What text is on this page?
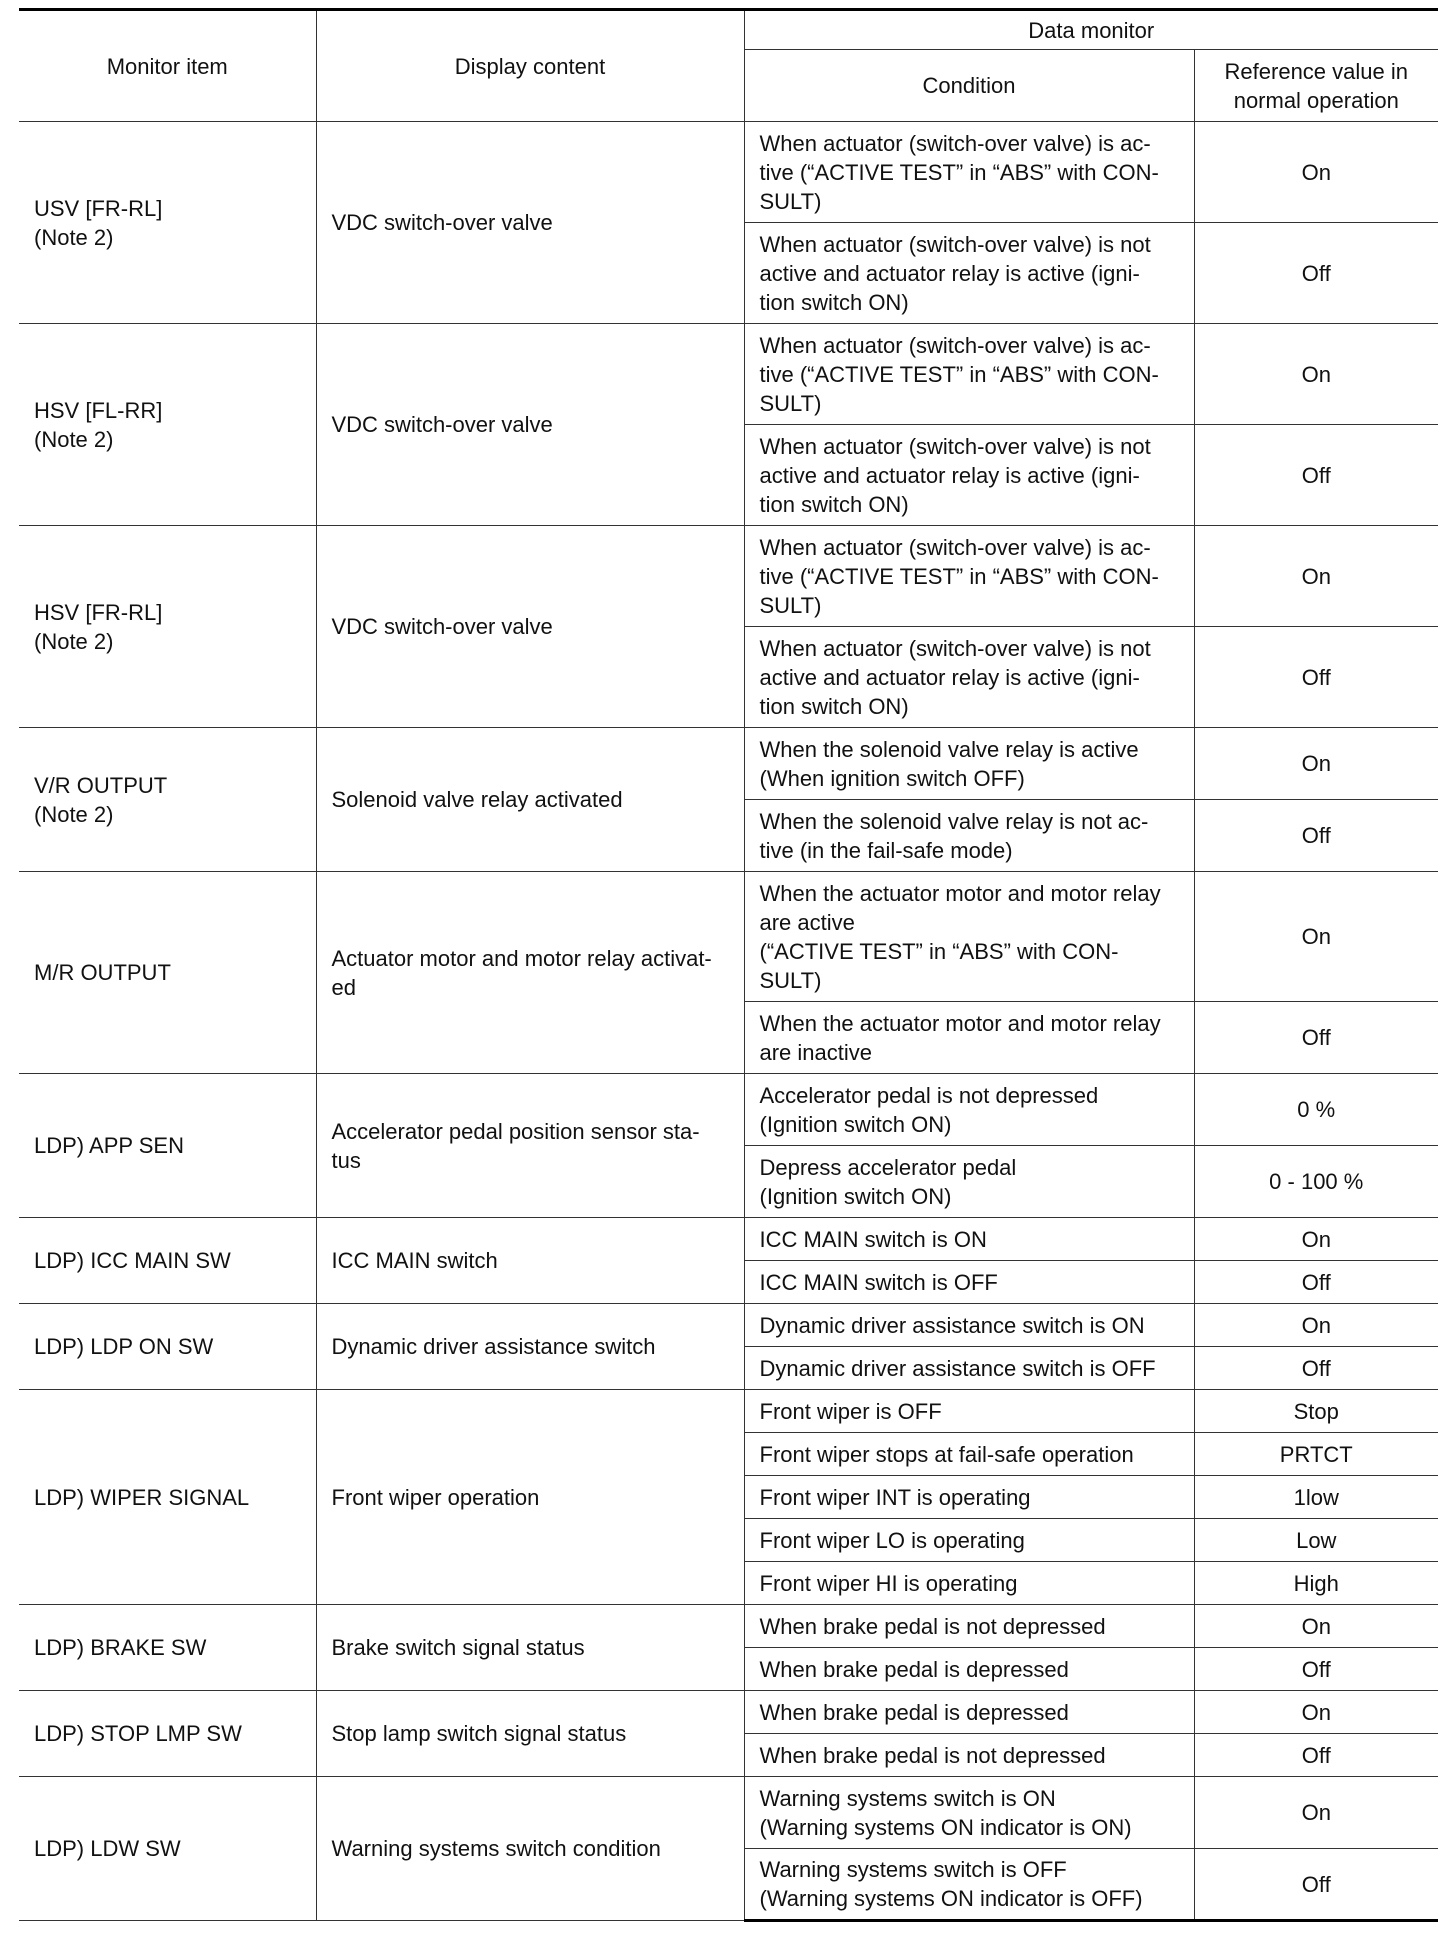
Monitor item	Display content	Data monitor	
		Condition	Reference value in
normal operation

USV [FR-RL]
(Note 2)	VDC switch-over valve	When actuator (switch-over valve) is ac-
tive (“ACTIVE TEST” in “ABS” with CON-
SULT)	On

		When actuator (switch-over valve) is not
active and actuator relay is active (igni-
tion switch ON)	Off

HSV [FL-RR]
(Note 2)	VDC switch-over valve	When actuator (switch-over valve) is ac-
tive (“ACTIVE TEST” in “ABS” with CON-
SULT)	On

		When actuator (switch-over valve) is not
active and actuator relay is active (igni-
tion switch ON)	Off

HSV [FR-RL]
(Note 2)	VDC switch-over valve	When actuator (switch-over valve) is ac-
tive (“ACTIVE TEST” in “ABS” with CON-
SULT)	On

		When actuator (switch-over valve) is not
active and actuator relay is active (igni-
tion switch ON)	Off

V/R OUTPUT
(Note 2)	Solenoid valve relay activated	When the solenoid valve relay is active
(When ignition switch OFF)	On

		When the solenoid valve relay is not ac-
tive (in the fail-safe mode)	Off

M/R OUTPUT	Actuator motor and motor relay activat-
ed	When the actuator motor and motor relay
are active
(“ACTIVE TEST” in “ABS” with CON-
SULT)	On

		When the actuator motor and motor relay
are inactive	Off

LDP) APP SEN	Accelerator pedal position sensor sta-
tus	Accelerator pedal is not depressed
(Ignition switch ON)	0 %

		Depress accelerator pedal
(Ignition switch ON)	0 - 100 %

LDP) ICC MAIN SW	ICC MAIN switch	ICC MAIN switch is ON	On

		ICC MAIN switch is OFF	Off

LDP) LDP ON SW	Dynamic driver assistance switch	Dynamic driver assistance switch is ON	On

		Dynamic driver assistance switch is OFF	Off

LDP) WIPER SIGNAL	Front wiper operation	Front wiper is OFF	Stop

		Front wiper stops at fail-safe operation	PRTCT

		Front wiper INT is operating	1low

		Front wiper LO is operating	Low

		Front wiper HI is operating	High

LDP) BRAKE SW	Brake switch signal status	When brake pedal is not depressed	On

		When brake pedal is depressed	Off

LDP) STOP LMP SW	Stop lamp switch signal status	When brake pedal is depressed	On

		When brake pedal is not depressed	Off

LDP) LDW SW	Warning systems switch condition	Warning systems switch is ON
(Warning systems ON indicator is ON)	On

		Warning systems switch is OFF
(Warning systems ON indicator is OFF)	Off
